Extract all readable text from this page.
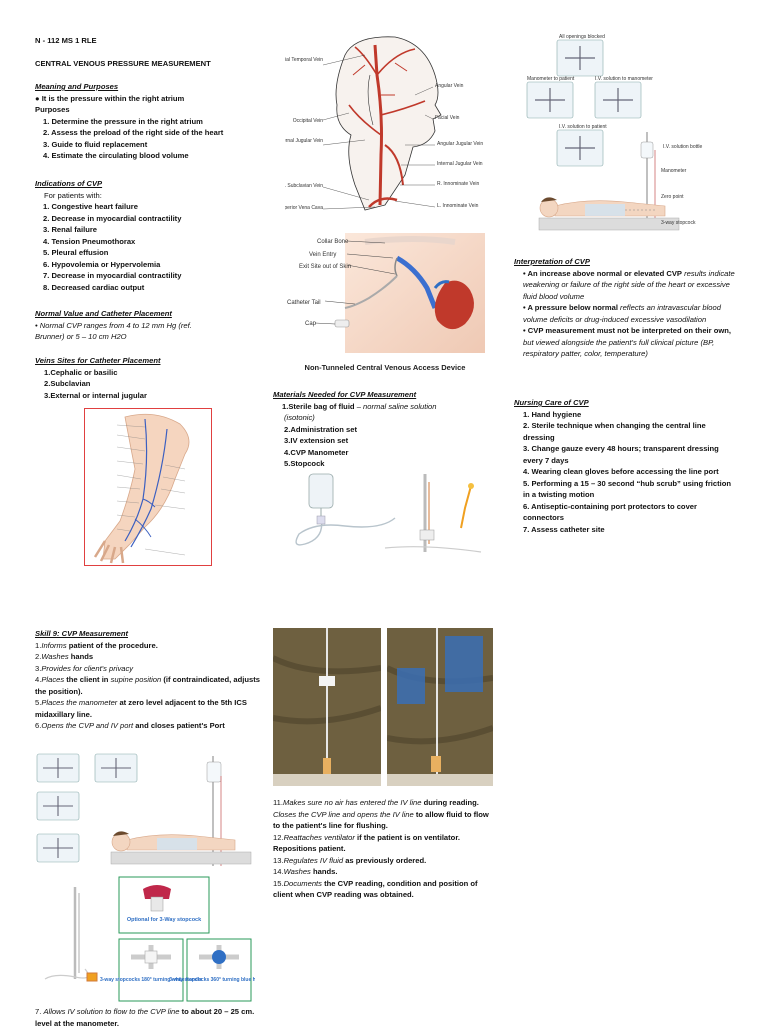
N - 112 MS 1 RLE
CENTRAL VENOUS PRESSURE MEASUREMENT
Meaning and Purposes
● It is the pressure within the right atrium
Purposes
1. Determine the pressure in the right atrium
2. Assess the preload of the right side of the heart
3. Guide to fluid replacement
4. Estimate the circulating blood volume
Indications of CVP
For patients with:
1. Congestive heart failure
2. Decrease in myocardial contractility
3. Renal failure
4. Tension Pneumothorax
5. Pleural effusion
6. Hypovolemia or Hypervolemia
7. Decrease in myocardial contractility
8. Decreased cardiac output
Normal Value and Catheter Placement
• Normal CVP ranges from 4 to 12 mm Hg (ref.
Brunner) or 5 – 10 cm H2O
Veins Sites for Catheter Placement
1.Cephalic or basilic
2.Subclavian
3.External or internal jugular
ial Temporal Vein
Occipital Vein
rnal Jugular Vein
R. Subclavian Vein
perior Vena Cava
Angular Vein
Facial Vein
Angular Jugular Vein
Internal Jugular Vein
R. Innominate Vein
L. Innominate Vein
Collar Bone
Vein Entry
Exit Site out of Skin
Catheter Tail
Cap
Non-Tunneled Central Venous Access Device
Materials Needed for CVP Measurement
1.Sterile bag of fluid – normal saline solution
(isotonic)
2.Administration set
3.IV extension set
4.CVP Manometer
5.Stopcock
All openings blocked
Manometer to patient	I.V. solution to manometer
I.V. solution to patient
I.V. solution bottle
Manometer
Zero point
3-way stopcock
Interpretation of CVP
• An increase above normal or elevated CVP results indicate weakening or failure of the right side of the heart or excessive fluid blood volume
• A pressure below normal reflects an intravascular blood volume deficits or drug-induced excessive vasodilation
• CVP measurement must not be interpreted on their own, but viewed alongside the patient's full clinical picture (BP, respiratory patter, color, temperature)
Nursing Care of CVP
1. Hand hygiene
2. Sterile technique when changing the central line dressing
3. Change gauze every 48 hours; transparent dressing every 7 days
4. Wearing clean gloves before accessing the line port
5. Performing a 15 – 30 second “hub scrub” using friction in a twisting motion
6. Antiseptic-containing port protectors to cover connectors
7. Assess catheter site
Skill 9: CVP Measurement
1.Informs patient of the procedure.
2.Washes hands
3.Provides for client's privacy
4.Places the client in supine position (if contraindicated, adjusts the position).
5.Places the manometer at zero level adjacent to the 5th ICS midaxillary line.
6.Opens the CVP and IV port and closes patient's Port
Optional for 3-Way stopcock
3-way stopcocks 180° turning white handle
3-way stopcocks 360° turning blue h
7. Allows IV solution to flow to the CVP line to about 20 – 25 cm. level at the manometer.
11.Makes sure no air has entered the IV line during reading. Closes the CVP line and opens the IV line to allow fluid to flow to the patient's line for flushing.
12.Reattaches ventilator if the patient is on ventilator. Repositions patient.
13.Regulates IV fluid as previously ordered.
14.Washes hands.
15.Documents the CVP reading, condition and position of client when CVP reading was obtained.
